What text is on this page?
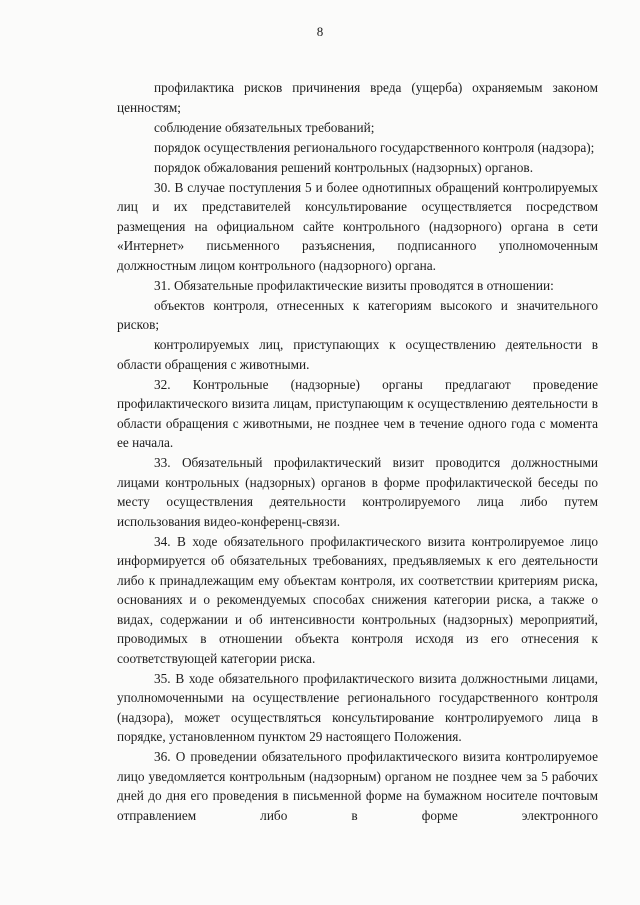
8

профилактика рисков причинения вреда (ущерба) охраняемым законом ценностям;

соблюдение обязательных требований;

порядок осуществления регионального государственного контроля (надзора);

порядок обжалования решений контрольных (надзорных) органов.

30. В случае поступления 5 и более однотипных обращений контролируемых лиц и их представителей консультирование осуществляется посредством размещения на официальном сайте контрольного (надзорного) органа в сети «Интернет» письменного разъяснения, подписанного уполномоченным должностным лицом контрольного (надзорного) органа.

31. Обязательные профилактические визиты проводятся в отношении:

объектов контроля, отнесенных к категориям высокого и значительного рисков;

контролируемых лиц, приступающих к осуществлению деятельности в области обращения с животными.

32. Контрольные (надзорные) органы предлагают проведение профилактического визита лицам, приступающим к осуществлению деятельности в области обращения с животными, не позднее чем в течение одного года с момента ее начала.

33. Обязательный профилактический визит проводится должностными лицами контрольных (надзорных) органов в форме профилактической беседы по месту осуществления деятельности контролируемого лица либо путем использования видео-конференц-связи.

34. В ходе обязательного профилактического визита контролируемое лицо информируется об обязательных требованиях, предъявляемых к его деятельности либо к принадлежащим ему объектам контроля, их соответствии критериям риска, основаниях и о рекомендуемых способах снижения категории риска, а также о видах, содержании и об интенсивности контрольных (надзорных) мероприятий, проводимых в отношении объекта контроля исходя из его отнесения к соответствующей категории риска.

35. В ходе обязательного профилактического визита должностными лицами, уполномоченными на осуществление регионального государственного контроля (надзора), может осуществляться консультирование контролируемого лица в порядке, установленном пунктом 29 настоящего Положения.

36. О проведении обязательного профилактического визита контролируемое лицо уведомляется контрольным (надзорным) органом не позднее чем за 5 рабочих дней до дня его проведения в письменной форме на бумажном носителе почтовым отправлением либо в форме электронного
